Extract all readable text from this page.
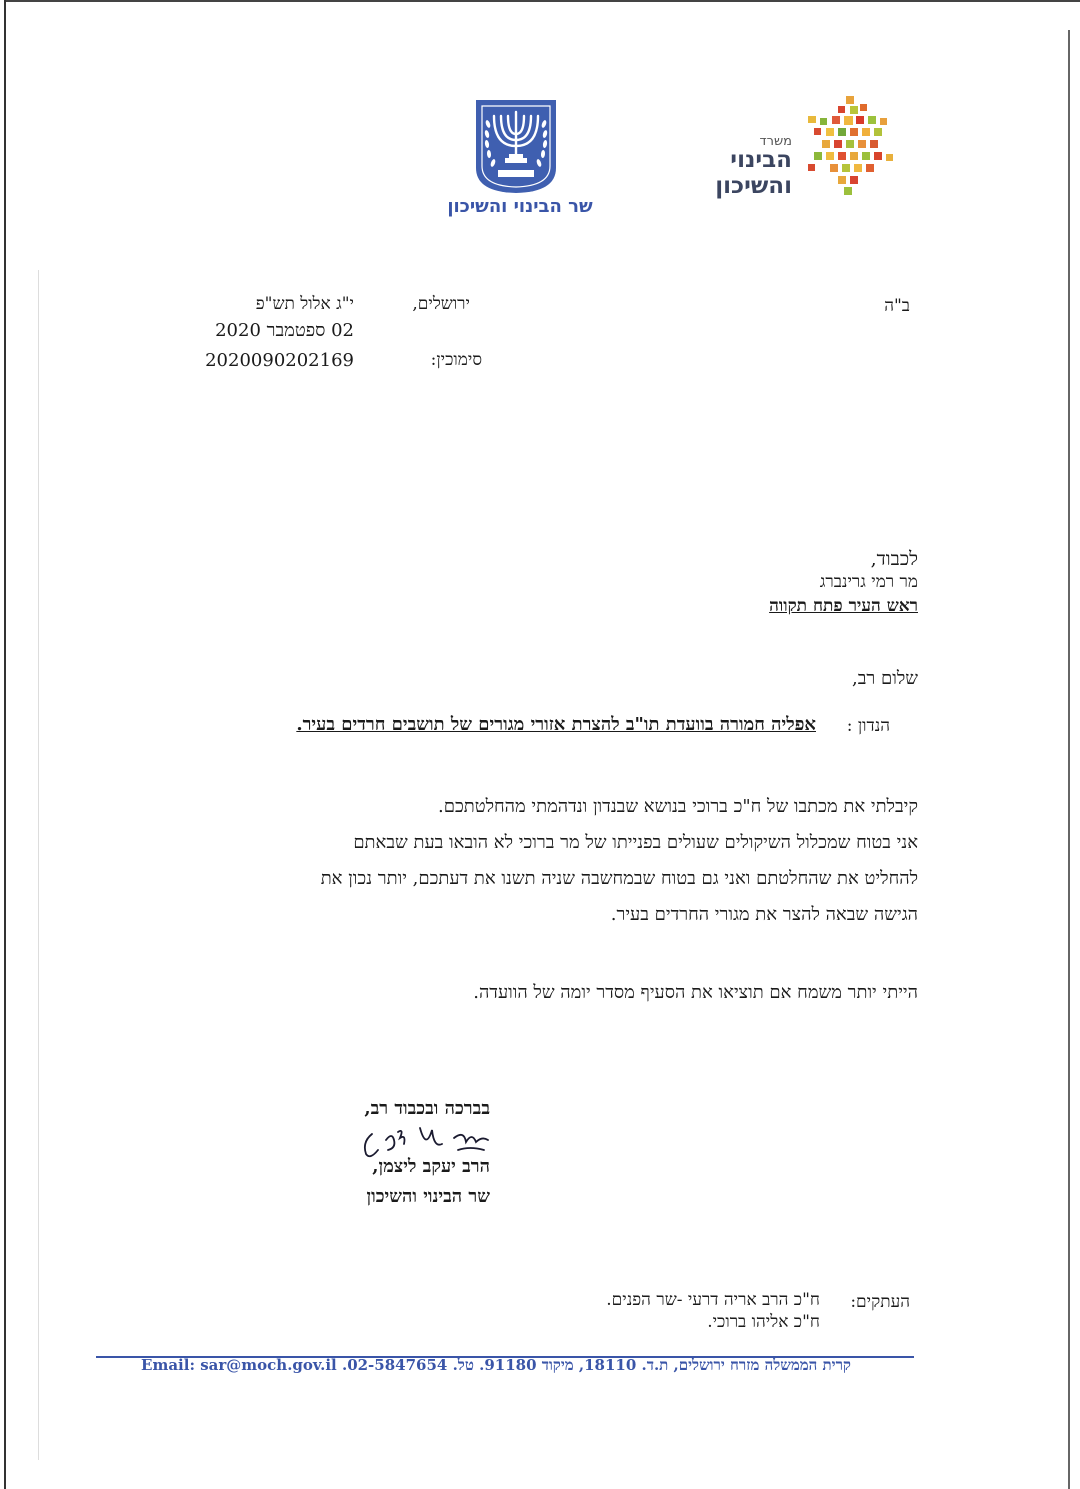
שר הבינוי והשיכון
משרד
הבינוי
והשיכון
ב"ה
ירושלים,
י"ג אלול תש"פ
02 ספטמבר 2020
סימוכין:
2020090202169
לכבוד,
מר רמי גרינברג
ראש העיר פתח תקווה
שלום רב,
הנדון :
אפליה חמורה בוועדת תו"ב להצרת אזורי מגורים של תושבים חרדים בעיר.
קיבלתי את מכתבו של ח"כ ברוכי בנושא שבנדון ונדהמתי מהחלטתכם.
אני בטוח שמכלול השיקולים שעולים בפנייתו של מר ברוכי לא הובאו בעת שבאתם
להחליט את שהחלטתם ואני גם בטוח שבמחשבה שניה תשנו את דעתכם, יותר נכון את
הגישה שבאה להצר את מגורי החרדים בעיר.
הייתי יותר משמח אם תוציאו את הסעיף מסדר יומה של הוועדה.
בברכה ובכבוד רב,
הרב יעקב ליצמן,
שר הבינוי והשיכון
העתקים:
ח"כ הרב אריה דרעי -שר הפנים.
ח"כ אליהו ברוכי.
קרית הממשלה מזרח ירושלים, ת.ד. 18110, מיקוד 91180. טל. 02-5847654. Email: sar@moch.gov.il
